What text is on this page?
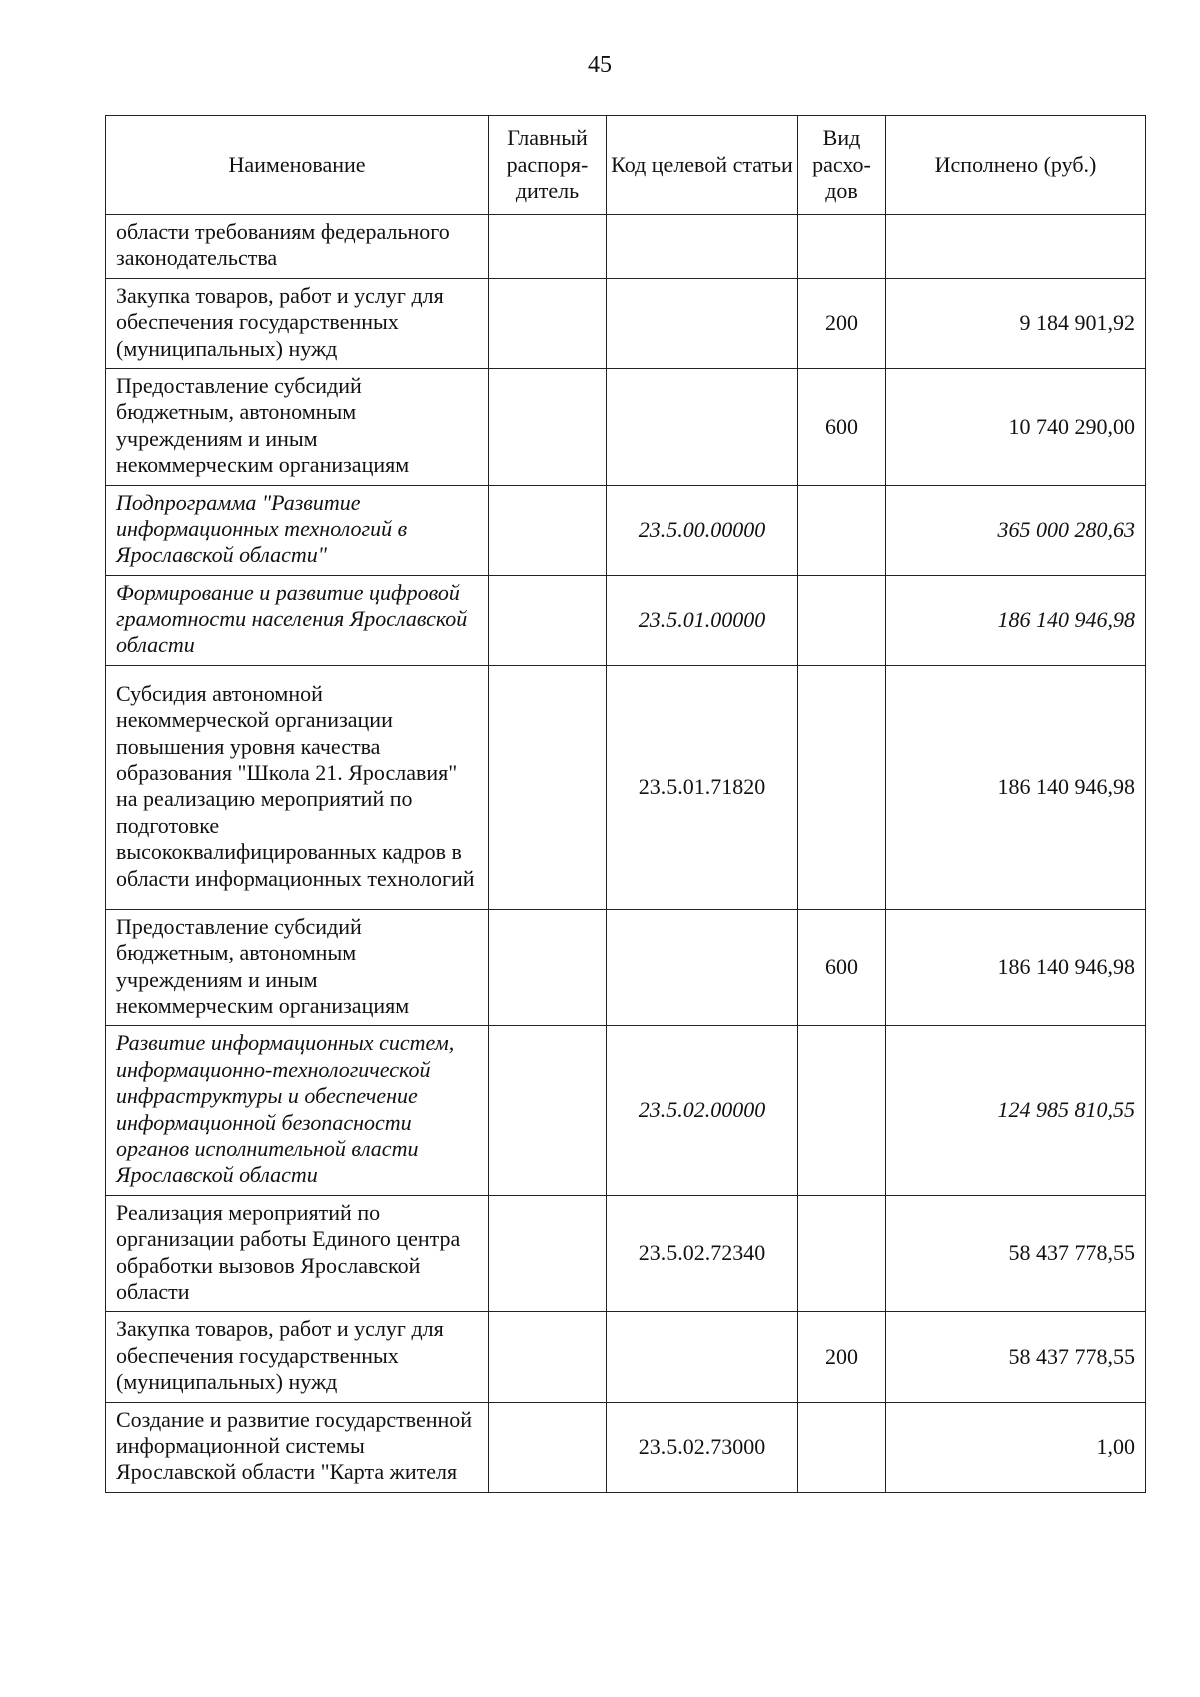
45
Наименование	Главный распоря-дитель	Код целевой статьи	Вид расхо-дов	Исполнено (руб.)
области требованиям федерального законодательства				
Закупка товаров, работ и услуг для обеспечения государственных (муниципальных) нужд			200	9 184 901,92
Предоставление субсидий бюджетным, автономным учреждениям и иным некоммерческим организациям			600	10 740 290,00
Подпрограмма "Развитие информационных технологий в Ярославской области"		23.5.00.00000		365 000 280,63
Формирование и развитие цифровой грамотности населения Ярославской области		23.5.01.00000		186 140 946,98
Субсидия автономной некоммерческой организации повышения уровня качества образования "Школа 21. Ярославия" на реализацию мероприятий по подготовке высококвалифицированных кадров в области информационных технологий		23.5.01.71820		186 140 946,98
Предоставление субсидий бюджетным, автономным учреждениям и иным некоммерческим организациям			600	186 140 946,98
Развитие информационных систем, информационно-технологической инфраструктуры и обеспечение информационной безопасности органов исполнительной власти Ярославской области		23.5.02.00000		124 985 810,55
Реализация мероприятий по организации работы Единого центра обработки вызовов Ярославской области		23.5.02.72340		58 437 778,55
Закупка товаров, работ и услуг для обеспечения государственных (муниципальных) нужд			200	58 437 778,55
Создание и развитие государственной информационной системы Ярославской области "Карта жителя		23.5.02.73000		1,00
